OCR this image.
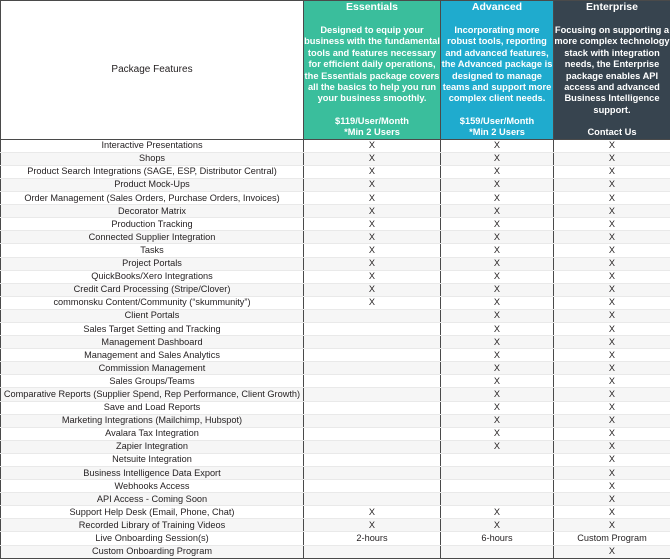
Package Features	
Essentials
Designed to equip your business with the fundamental tools and features necessary for efficient daily operations, the Essentials package covers all the basics to help you run your business smoothly.
$119/User/Month
*Min 2 Users

Advanced
Incorporating more robust tools, reporting and advanced features, the Advanced package is designed to manage teams and support more complex client needs.
$159/User/Month
*Min 2 Users

Enterprise
Focusing on supporting a more complex technology stack with integration needs, the Enterprise package enables API access and advanced Business Intelligence support.
Contact Us

Interactive Presentations	X	X	X
Shops	X	X	X
Product Search Integrations (SAGE, ESP, Distributor Central)	X	X	X
Product Mock-Ups	X	X	X
Order Management (Sales Orders, Purchase Orders, Invoices)	X	X	X
Decorator Matrix	X	X	X
Production Tracking	X	X	X
Connected Supplier Integration	X	X	X
Tasks	X	X	X
Project Portals	X	X	X
QuickBooks/Xero Integrations	X	X	X
Credit Card Processing (Stripe/Clover)	X	X	X
commonsku Content/Community (“skummunity”)	X	X	X
Client Portals		X	X
Sales Target Setting and Tracking		X	X
Management Dashboard		X	X
Management and Sales Analytics		X	X
Commission Management		X	X
Sales Groups/Teams		X	X
Comparative Reports (Supplier Spend, Rep Performance, Client Growth)		X	X
Save and Load Reports		X	X
Marketing Integrations (Mailchimp, Hubspot)		X	X
Avalara Tax Integration		X	X
Zapier Integration		X	X
Netsuite Integration			X
Business Intelligence Data Export			X
Webhooks Access			X
API Access - Coming Soon			X
Support Help Desk (Email, Phone, Chat)	X	X	X
Recorded Library of Training Videos	X	X	X
Live Onboarding Session(s)	2-hours	6-hours	Custom Program
Custom Onboarding Program			X
